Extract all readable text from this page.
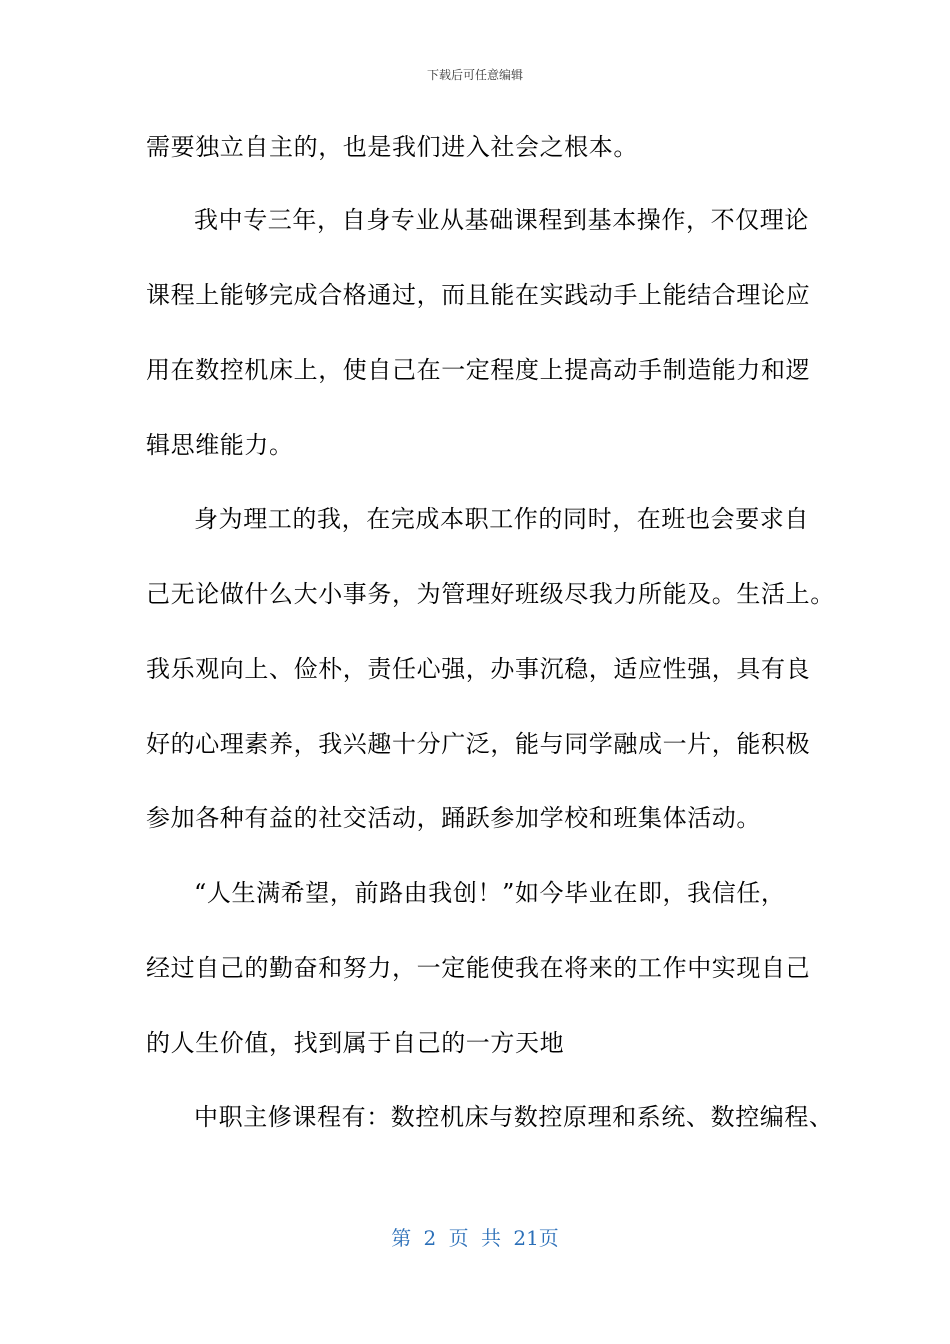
下载后可任意编辑
需要独立自主的，也是我们进入社会之根本。
我中专三年，自身专业从基础课程到基本操作，不仅理论
课程上能够完成合格通过，而且能在实践动手上能结合理论应
用在数控机床上，使自己在一定程度上提高动手制造能力和逻
辑思维能力。
身为理工的我，在完成本职工作的同时，在班也会要求自
己无论做什么大小事务，为管理好班级尽我力所能及。生活上。
我乐观向上、俭朴，责任心强，办事沉稳，适应性强，具有良
好的心理素养，我兴趣十分广泛，能与同学融成一片，能积极
参加各种有益的社交活动，踊跃参加学校和班集体活动。
“人生满希望，前路由我创！”如今毕业在即，我信任，
经过自己的勤奋和努力，一定能使我在将来的工作中实现自己
的人生价值，找到属于自己的一方天地
中职主修课程有：数控机床与数控原理和系统、数控编程、
第 2 页 共 21页
